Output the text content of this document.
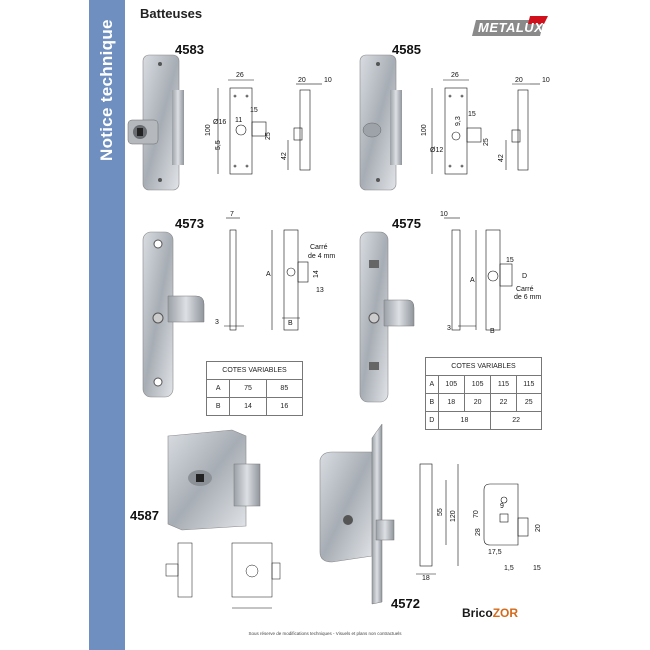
Notice technique
Batteuses
METALUX
4583	4585
4573	4575
4587
4572
26
100
Ø16 11
15
5,5
25
20	10
42
26
100
9,3
Ø12
15
25
20	10
42
7
A
Carré
de 4 mm
14
13
3	B
10
A
15
D
Carré
de 6 mm
3	B
55 120
18
70
9
28
20
17,5
1,5	15
COTES VARIABLES		
A	75	85
B	14	16
COTES VARIABLES				
A	105	105	115	115
B	18	20	22	25
D	18		22	
BricoZOR
Sous réserve de modifications techniques - Visuels et plans non contractuels
